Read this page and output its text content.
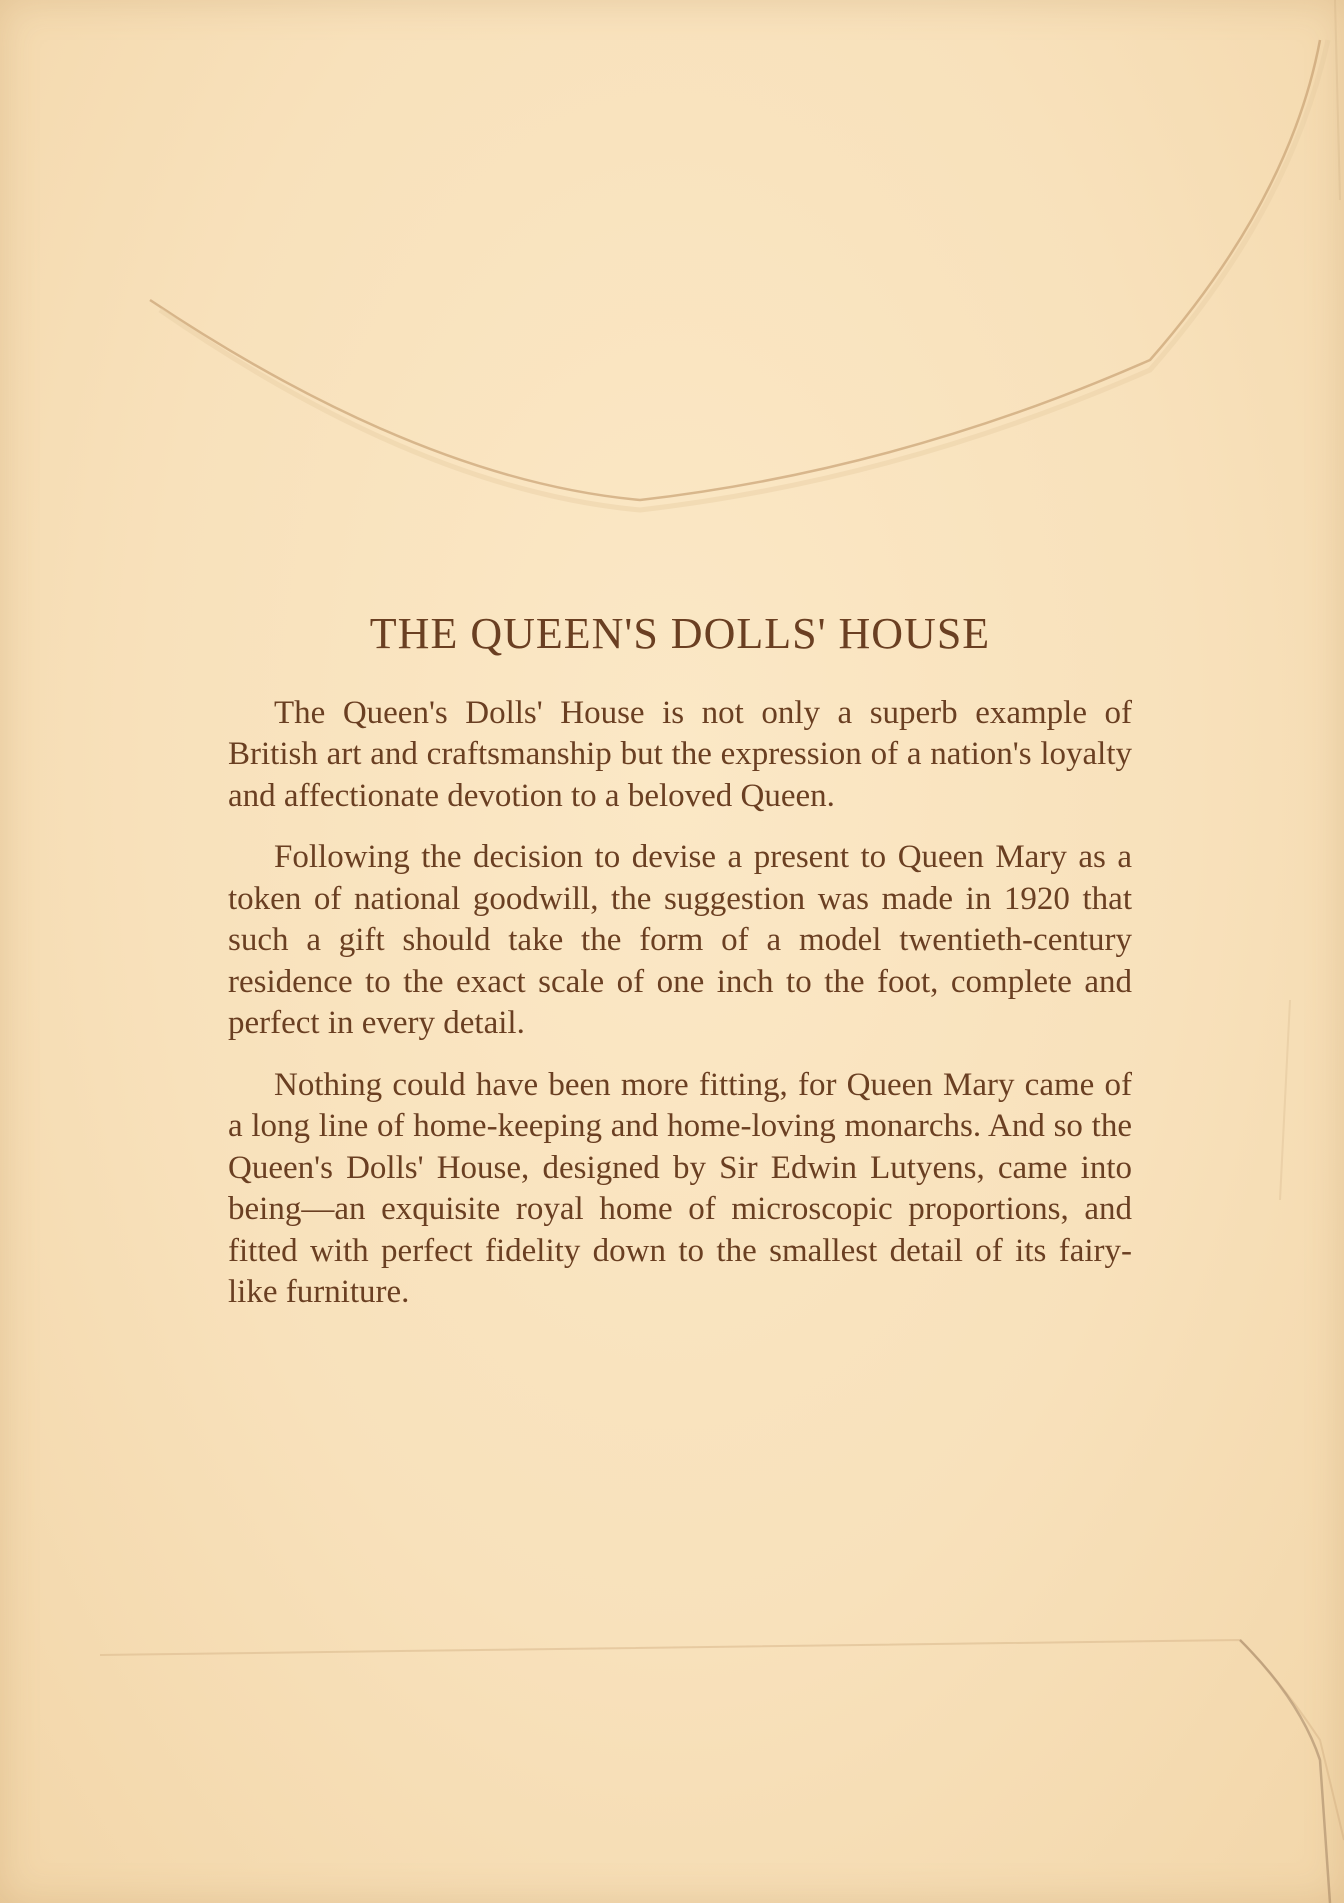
THE QUEEN'S DOLLS' HOUSE

The Queen's Dolls' House is not only a superb example of British art and craftsmanship but the expression of a nation's loyalty and affectionate devotion to a beloved Queen.

Following the decision to devise a present to Queen Mary as a token of national goodwill, the suggestion was made in 1920 that such a gift should take the form of a model twentieth-century residence to the exact scale of one inch to the foot, complete and perfect in every detail.

Nothing could have been more fitting, for Queen Mary came of a long line of home-keeping and home-loving monarchs. And so the Queen's Dolls' House, designed by Sir Edwin Lutyens, came into being—an exquisite royal home of microscopic proportions, and fitted with perfect fidelity down to the smallest detail of its fairy-like furniture.
